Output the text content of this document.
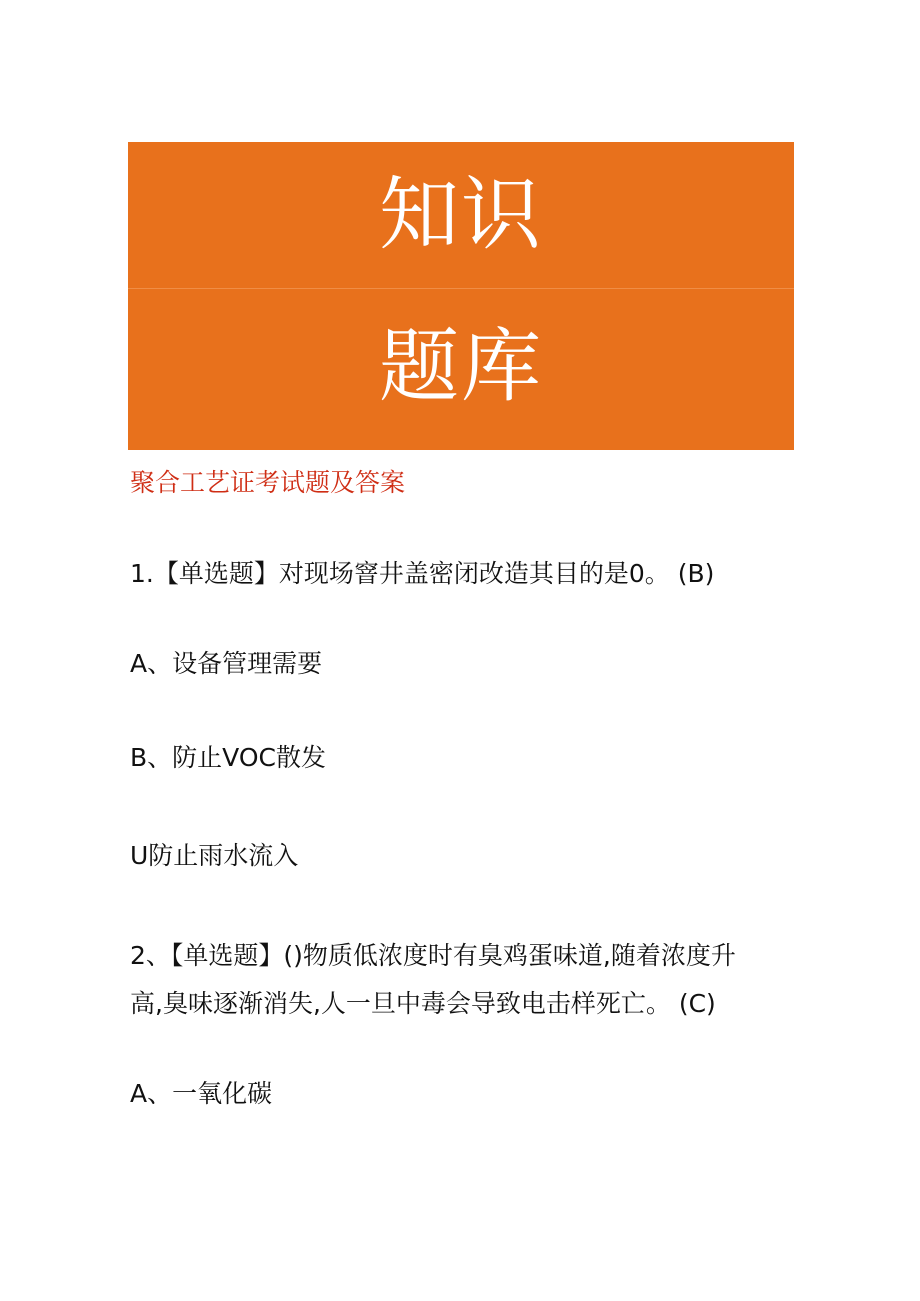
知识
题库
聚合工艺证考试题及答案
1.【单选题】对现场窨井盖密闭改造其目的是0。 (B)
A、设备管理需要
B、防止VOC散发
U防止雨水流入
2、【单选题】()物质低浓度时有臭鸡蛋味道,随着浓度升
高,臭味逐渐消失,人一旦中毒会导致电击样死亡。 (C)
A、一氧化碳
